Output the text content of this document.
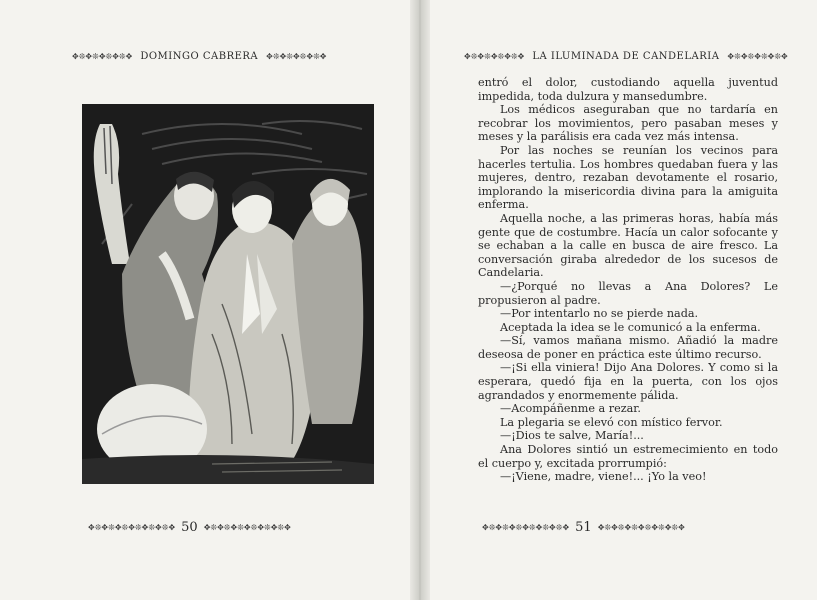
✥❊✥❊✥❊✥❊✥ DOMINGO CABRERA ✥❊✥❊✥❊✥❊✥
✥❊✥❊✥❊✥❊✥❊✥❊✥ 50 ✥❊✥❊✥❊✥❊✥❊✥❊✥
✥❊✥❊✥❊✥❊✥ LA ILUMINADA DE CANDELARIA ✥❊✥❊✥❊✥❊✥

entró el dolor, custodiando aquella juventud impedida, toda dulzura y mansedumbre.

Los médicos aseguraban que no tardaría en recobrar los movimientos, pero pasaban meses y meses y la parálisis era cada vez más intensa.

Por las noches se reunían los vecinos para hacerles tertulia. Los hombres quedaban fuera y las mujeres, dentro, rezaban devotamente el rosario, implorando la misericordia divina para la amiguita enferma.

Aquella noche, a las primeras horas, había más gente que de costumbre. Hacía un calor sofocante y se echaban a la calle en busca de aire fresco. La conversación giraba alrededor de los sucesos de Candelaria.

—¿Porqué no llevas a Ana Dolores? Le propusieron al padre.

—Por intentarlo no se pierde nada.

Aceptada la idea se le comunicó a la enferma.

—Sí, vamos mañana mismo. Añadió la madre deseosa de poner en práctica este último recurso.

—¡Si ella viniera! Dijo Ana Dolores. Y como si la esperara, quedó fija en la puerta, con los ojos agrandados y enormemente pálida.

—Acompáñenme a rezar.

La plegaria se elevó con místico fervor.

—¡Dios te salve, María!...

Ana Dolores sintió un estremecimiento en todo el cuerpo y, excitada prorrumpió:

—¡Viene, madre, viene!... ¡Yo la veo!

✥❊✥❊✥❊✥❊✥❊✥❊✥ 51 ✥❊✥❊✥❊✥❊✥❊✥❊✥
